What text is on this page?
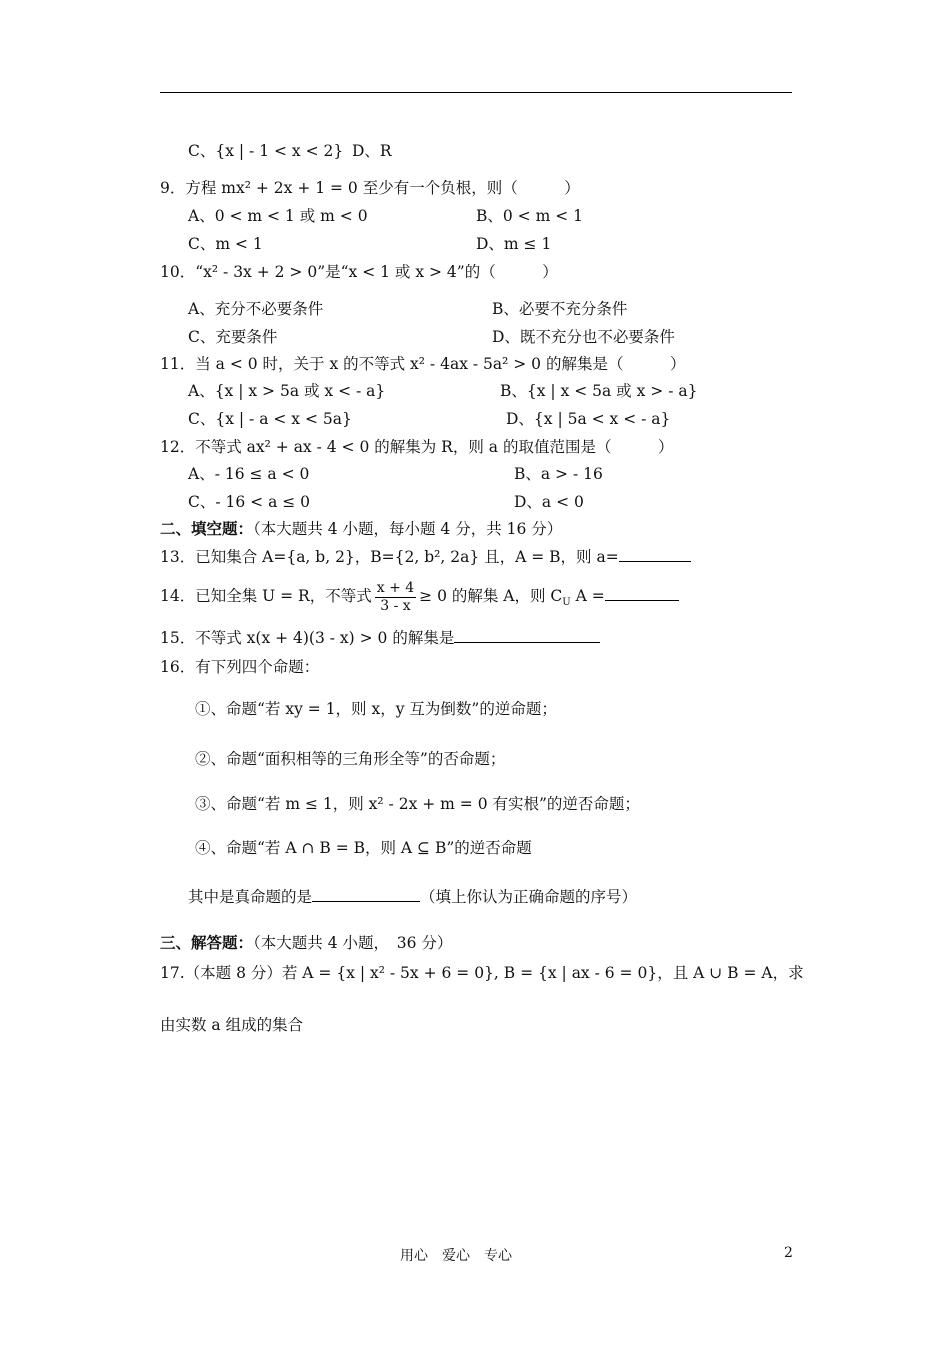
C、{x | - 1 < x < 2} D、R
9．方程 mx² + 2x + 1 = 0 至少有一个负根，则（　　　）
A、0 < m < 1 或 m < 0	B、0 < m < 1
C、m < 1	D、m ≤ 1
10．“x² - 3x + 2 > 0”是“x < 1 或 x > 4”的（　　　）
A、充分不必要条件	B、必要不充分条件
C、充要条件	D、既不充分也不必要条件
11．当 a < 0 时，关于 x 的不等式 x² - 4ax - 5a² > 0 的解集是（　　　）
A、{x | x > 5a 或 x < - a}	B、{x | x < 5a 或 x > - a}
C、{x | - a < x < 5a}	D、{x | 5a < x < - a}
12．不等式 ax² + ax - 4 < 0 的解集为 R，则 a 的取值范围是（　　　）
A、- 16 ≤ a < 0	B、a > - 16
C、- 16 < a ≤ 0	D、a < 0
二、填空题：（本大题共 4 小题，每小题 4 分，共 16 分）
13．已知集合 A={a, b, 2}，B={2, b², 2a} 且，A = B，则 a=
14．已知全集 U = R，不等式 $\frac{x + 4}{3 - x} \ge 0$ 的解集 A，则 $C_U$ A =
15．不等式 x(x + 4)(3 - x) > 0 的解集是
16．有下列四个命题：
①、命题“若 xy = 1，则 x，y 互为倒数”的逆命题；
②、命题“面积相等的三角形全等”的否命题；
③、命题“若 m ≤ 1，则 x² - 2x + m = 0 有实根”的逆否命题；
④、命题“若 A ∩ B = B，则 A ⊆ B”的逆否命题
其中是真命题的是	（填上你认为正确命题的序号）
三、解答题：（本大题共 4 小题，　36 分）
17.（本题 8 分）若 A = {x | x² - 5x + 6 = 0}, B = {x | ax - 6 = 0}，且 A ∪ B = A，求
由实数 a 组成的集合
用心　爱心　专心	2
